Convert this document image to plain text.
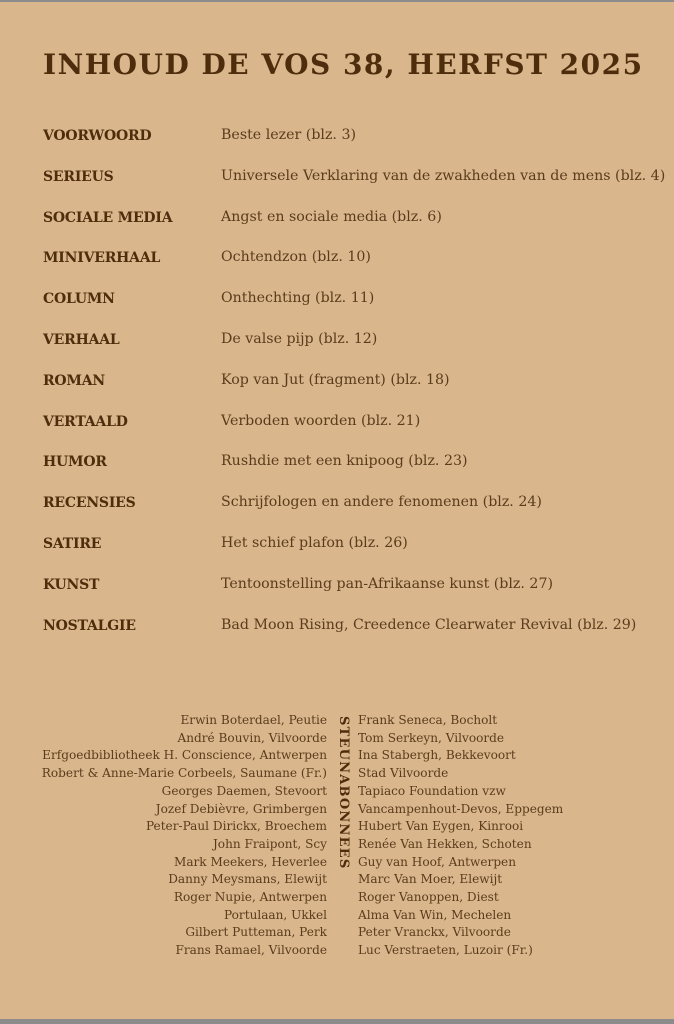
INHOUD DE VOS 38, HERFST 2025
VOORWOORD	Beste lezer (blz. 3)
SERIEUS	Universele Verklaring van de zwakheden van de mens (blz. 4)
SOCIALE MEDIA	Angst en sociale media (blz. 6)
MINIVERHAAL	Ochtendzon (blz. 10)
COLUMN	Onthechting (blz. 11)
VERHAAL	De valse pijp (blz. 12)
ROMAN	Kop van Jut (fragment) (blz. 18)
VERTAALD	Verboden woorden (blz. 21)
HUMOR	Rushdie met een knipoog (blz. 23)
RECENSIES	Schrijfologen en andere fenomenen (blz. 24)
SATIRE	Het schief plafon (blz. 26)
KUNST	Tentoonstelling pan-Afrikaanse kunst (blz. 27)
NOSTALGIE	Bad Moon Rising, Creedence Clearwater Revival (blz. 29)
Erwin Boterdael, Peutie
André Bouvin, Vilvoorde
Erfgoedbibliotheek H. Conscience, Antwerpen
Robert & Anne-Marie Corbeels, Saumane (Fr.)
Georges Daemen, Stevoort
Jozef Debièvre, Grimbergen
Peter-Paul Dirickx, Broechem
John Fraipont, Scy
Mark Meekers, Heverlee
Danny Meysmans, Elewijt
Roger Nupie, Antwerpen
Portulaan, Ukkel
Gilbert Putteman, Perk
Frans Ramael, Vilvoorde
STEUNABONNEES Frank Seneca, Bocholt
Tom Serkeyn, Vilvoorde
Ina Stabergh, Bekkevoort
Stad Vilvoorde
Tapiaco Foundation vzw
Vancampenhout-Devos, Eppegem
Hubert Van Eygen, Kinrooi
Renée Van Hekken, Schoten
Guy van Hoof, Antwerpen
Marc Van Moer, Elewijt
Roger Vanoppen, Diest
Alma Van Win, Mechelen
Peter Vranckx, Vilvoorde
Luc Verstraeten, Luzoir (Fr.)
